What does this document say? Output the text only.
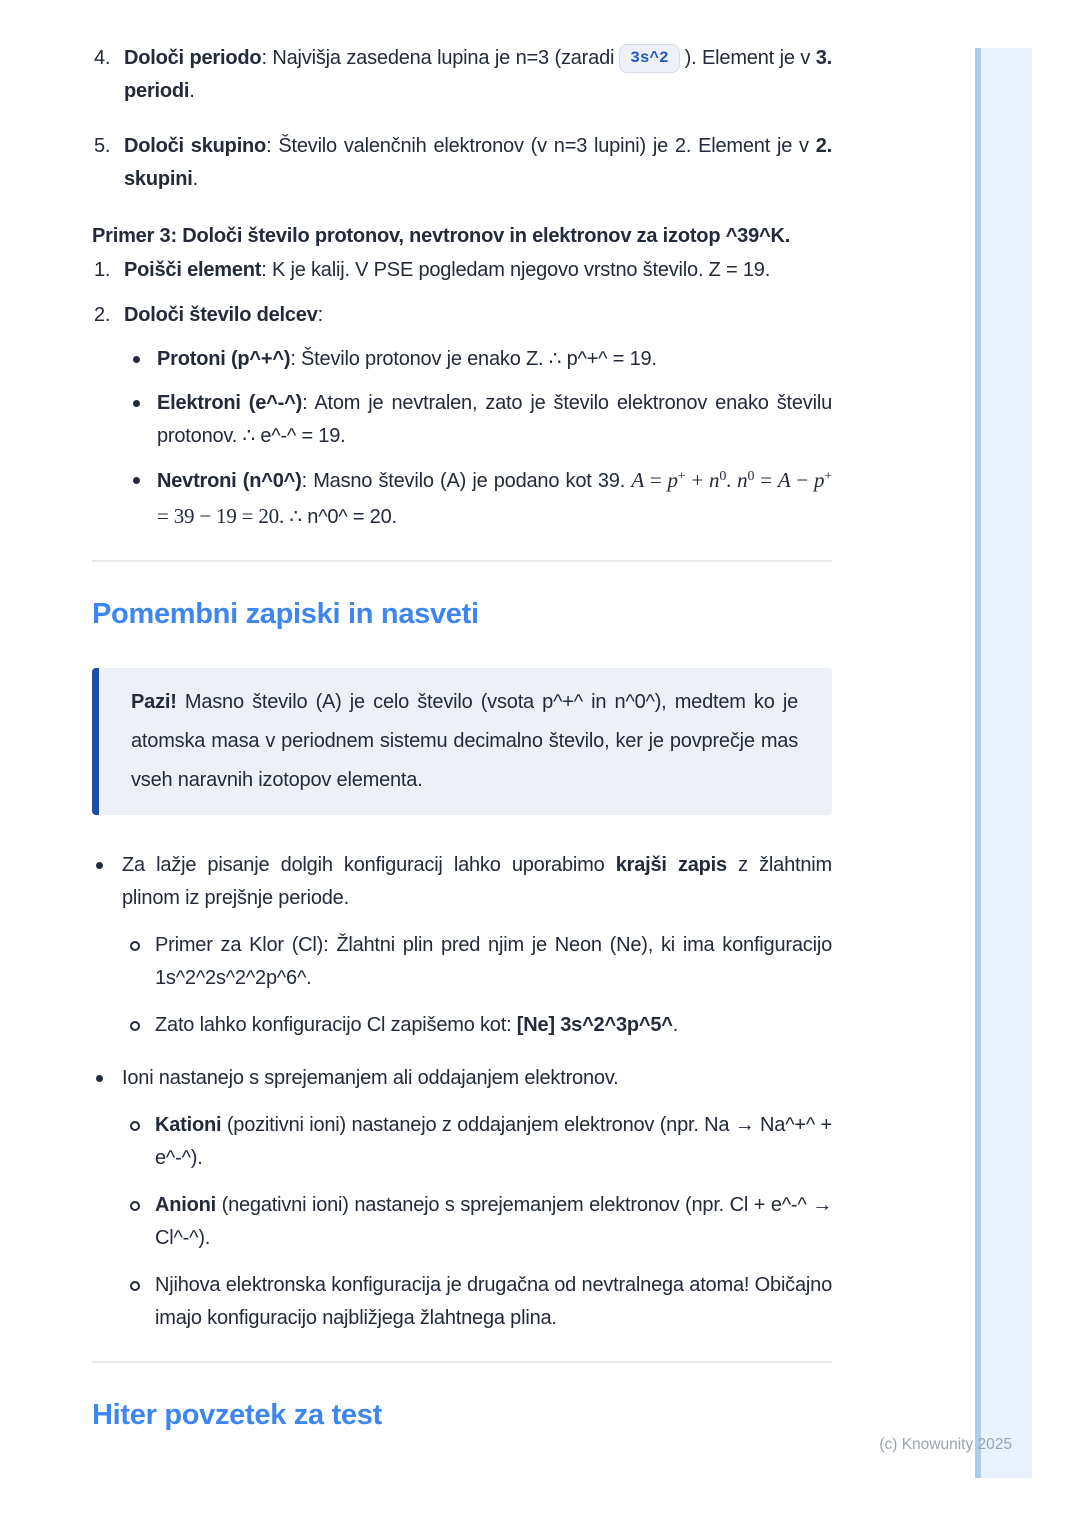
4. Določi periodo: Najvišja zasedena lupina je n=3 (zaradi 3s^2 ). Element je v 3. periodi.
5. Določi skupino: Število valenčnih elektronov (v n=3 lupini) je 2. Element je v 2. skupini.

Primer 3: Določi število protonov, nevtronov in elektronov za izotop ^39^K.

1. Poišči element: K je kalij. V PSE pogledam njegovo vrstno število. Z = 19.
2. Določi število delcev:
Protoni (p^+^): Število protonov je enako Z. ∴ p^+^ = 19.
Elektroni (e^-^): Atom je nevtralen, zato je število elektronov enako številu protonov. ∴ e^-^ = 19.
Nevtroni (n^0^): Masno število (A) je podano kot 39. $A = p^+ + n^0$. $n^0 = A - p^+ = 39 - 19 = 20$. ∴ n^0^ = 20.
Pomembni zapiski in nasveti

Pazi! Masno število (A) je celo število (vsota p^+^ in n^0^), medtem ko je atomska masa v periodnem sistemu decimalno število, ker je povprečje mas vseh naravnih izotopov elementa.

Za lažje pisanje dolgih konfiguracij lahko uporabimo krajši zapis z žlahtnim plinom iz prejšnje periode.
Primer za Klor (Cl): Žlahtni plin pred njim je Neon (Ne), ki ima konfiguracijo 1s^2^2s^2^2p^6^.
Zato lahko konfiguracijo Cl zapišemo kot: [Ne] 3s^2^3p^5^.
Ioni nastanejo s sprejemanjem ali oddajanjem elektronov.
Kationi (pozitivni ioni) nastanejo z oddajanjem elektronov (npr. Na → Na^+^ + e^-^).
Anioni (negativni ioni) nastanejo s sprejemanjem elektronov (npr. Cl + e^-^ → Cl^-^).
Njihova elektronska konfiguracija je drugačna od nevtralnega atoma! Običajno imajo konfiguracijo najbližjega žlahtnega plina.
Hiter povzetek za test
(c) Knowunity 2025
